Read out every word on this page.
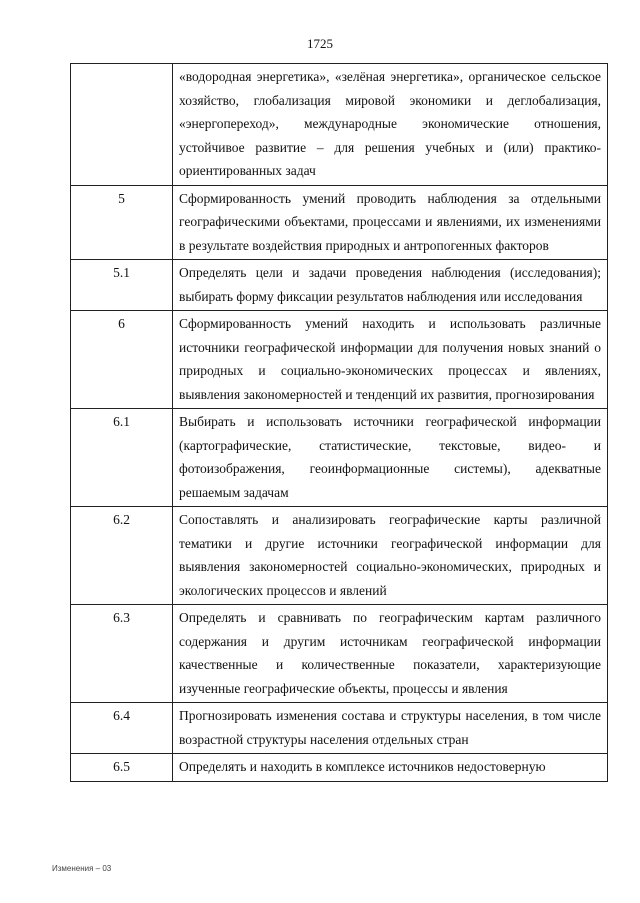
1725
	«водородная энергетика», «зелёная энергетика», органическое сельское хозяйство, глобализация мировой экономики и деглобализация, «энергопереход», международные экономические отношения, устойчивое развитие – для решения учебных и (или) практико-ориентированных задач
5	Сформированность умений проводить наблюдения за отдельными географическими объектами, процессами и явлениями, их изменениями в результате воздействия природных и антропогенных факторов
5.1	Определять цели и задачи проведения наблюдения (исследования); выбирать форму фиксации результатов наблюдения или исследования
6	Сформированность умений находить и использовать различные источники географической информации для получения новых знаний о природных и социально-экономических процессах и явлениях, выявления закономерностей и тенденций их развития, прогнозирования
6.1	Выбирать и использовать источники географической информации (картографические, статистические, текстовые, видео- и фотоизображения, геоинформационные системы), адекватные решаемым задачам
6.2	Сопоставлять и анализировать географические карты различной тематики и другие источники географической информации для выявления закономерностей социально-экономических, природных и экологических процессов и явлений
6.3	Определять и сравнивать по географическим картам различного содержания и другим источникам географической информации качественные и количественные показатели, характеризующие изученные географические объекты, процессы и явления
6.4	Прогнозировать изменения состава и структуры населения, в том числе возрастной структуры населения отдельных стран
6.5	Определять и находить в комплексе источников недостоверную
Изменения – 03
